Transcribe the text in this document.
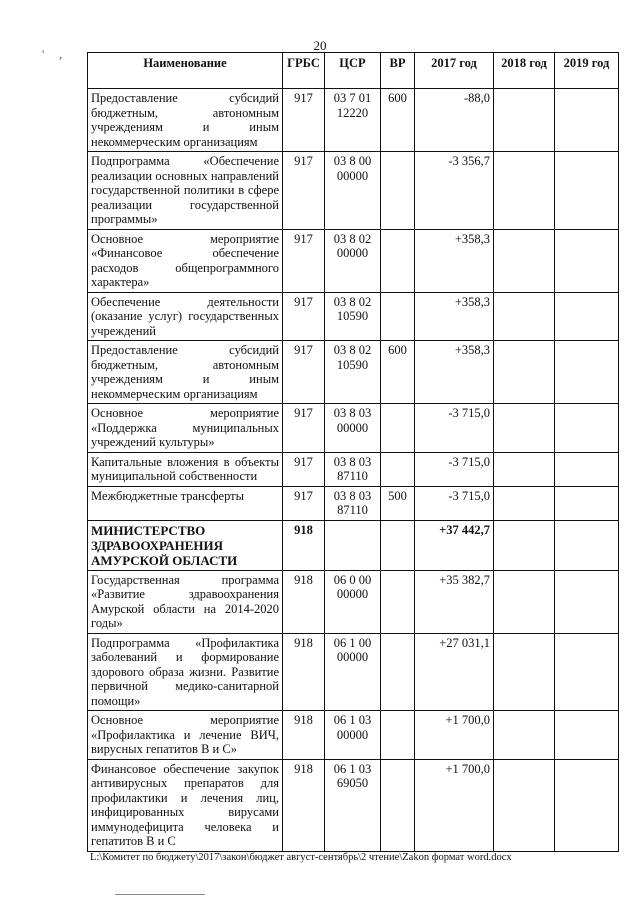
' ,
20
Наименование	ГРБС	ЦСР	ВР	2017 год	2018 год	2019 год
Предоставление субсидий бюджетным, автономным учреждениям и иным некоммерческим организациям	917	03 7 01 12220	600	-88,0		
Подпрограмма «Обеспечение реализации основных направлений государственной политики в сфере реализации государственной программы»	917	03 8 00 00000		-3 356,7		
Основное мероприятие «Финансовое обеспечение расходов общепрограммного характера»	917	03 8 02 00000		+358,3		
Обеспечение деятельности (оказание услуг) государственных учреждений	917	03 8 02 10590		+358,3		
Предоставление субсидий бюджетным, автономным учреждениям и иным некоммерческим организациям	917	03 8 02 10590	600	+358,3		
Основное мероприятие «Поддержка муниципальных учреждений культуры»	917	03 8 03 00000		-3 715,0		
Капитальные вложения в объекты муниципальной собственности	917	03 8 03 87110		-3 715,0		
Межбюджетные трансферты	917	03 8 03 87110	500	-3 715,0		
МИНИСТЕРСТВО ЗДРАВООХРАНЕНИЯ АМУРСКОЙ ОБЛАСТИ	918			+37 442,7		
Государственная программа «Развитие здравоохранения Амурской области на 2014-2020 годы»	918	06 0 00 00000		+35 382,7		
Подпрограмма «Профилактика заболеваний и формирование здорового образа жизни. Развитие первичной медико-санитарной помощи»	918	06 1 00 00000		+27 031,1		
Основное мероприятие «Профилактика и лечение ВИЧ, вирусных гепатитов В и С»	918	06 1 03 00000		+1 700,0		
Финансовое обеспечение закупок антивирусных препаратов для профилактики и лечения лиц, инфицированных вирусами иммунодефицита человека и гепатитов В и С	918	06 1 03 69050		+1 700,0		
L:\Комитет по бюджету\2017\закон\бюджет август-сентябрь\2 чтение\Zakon формат word.docx
